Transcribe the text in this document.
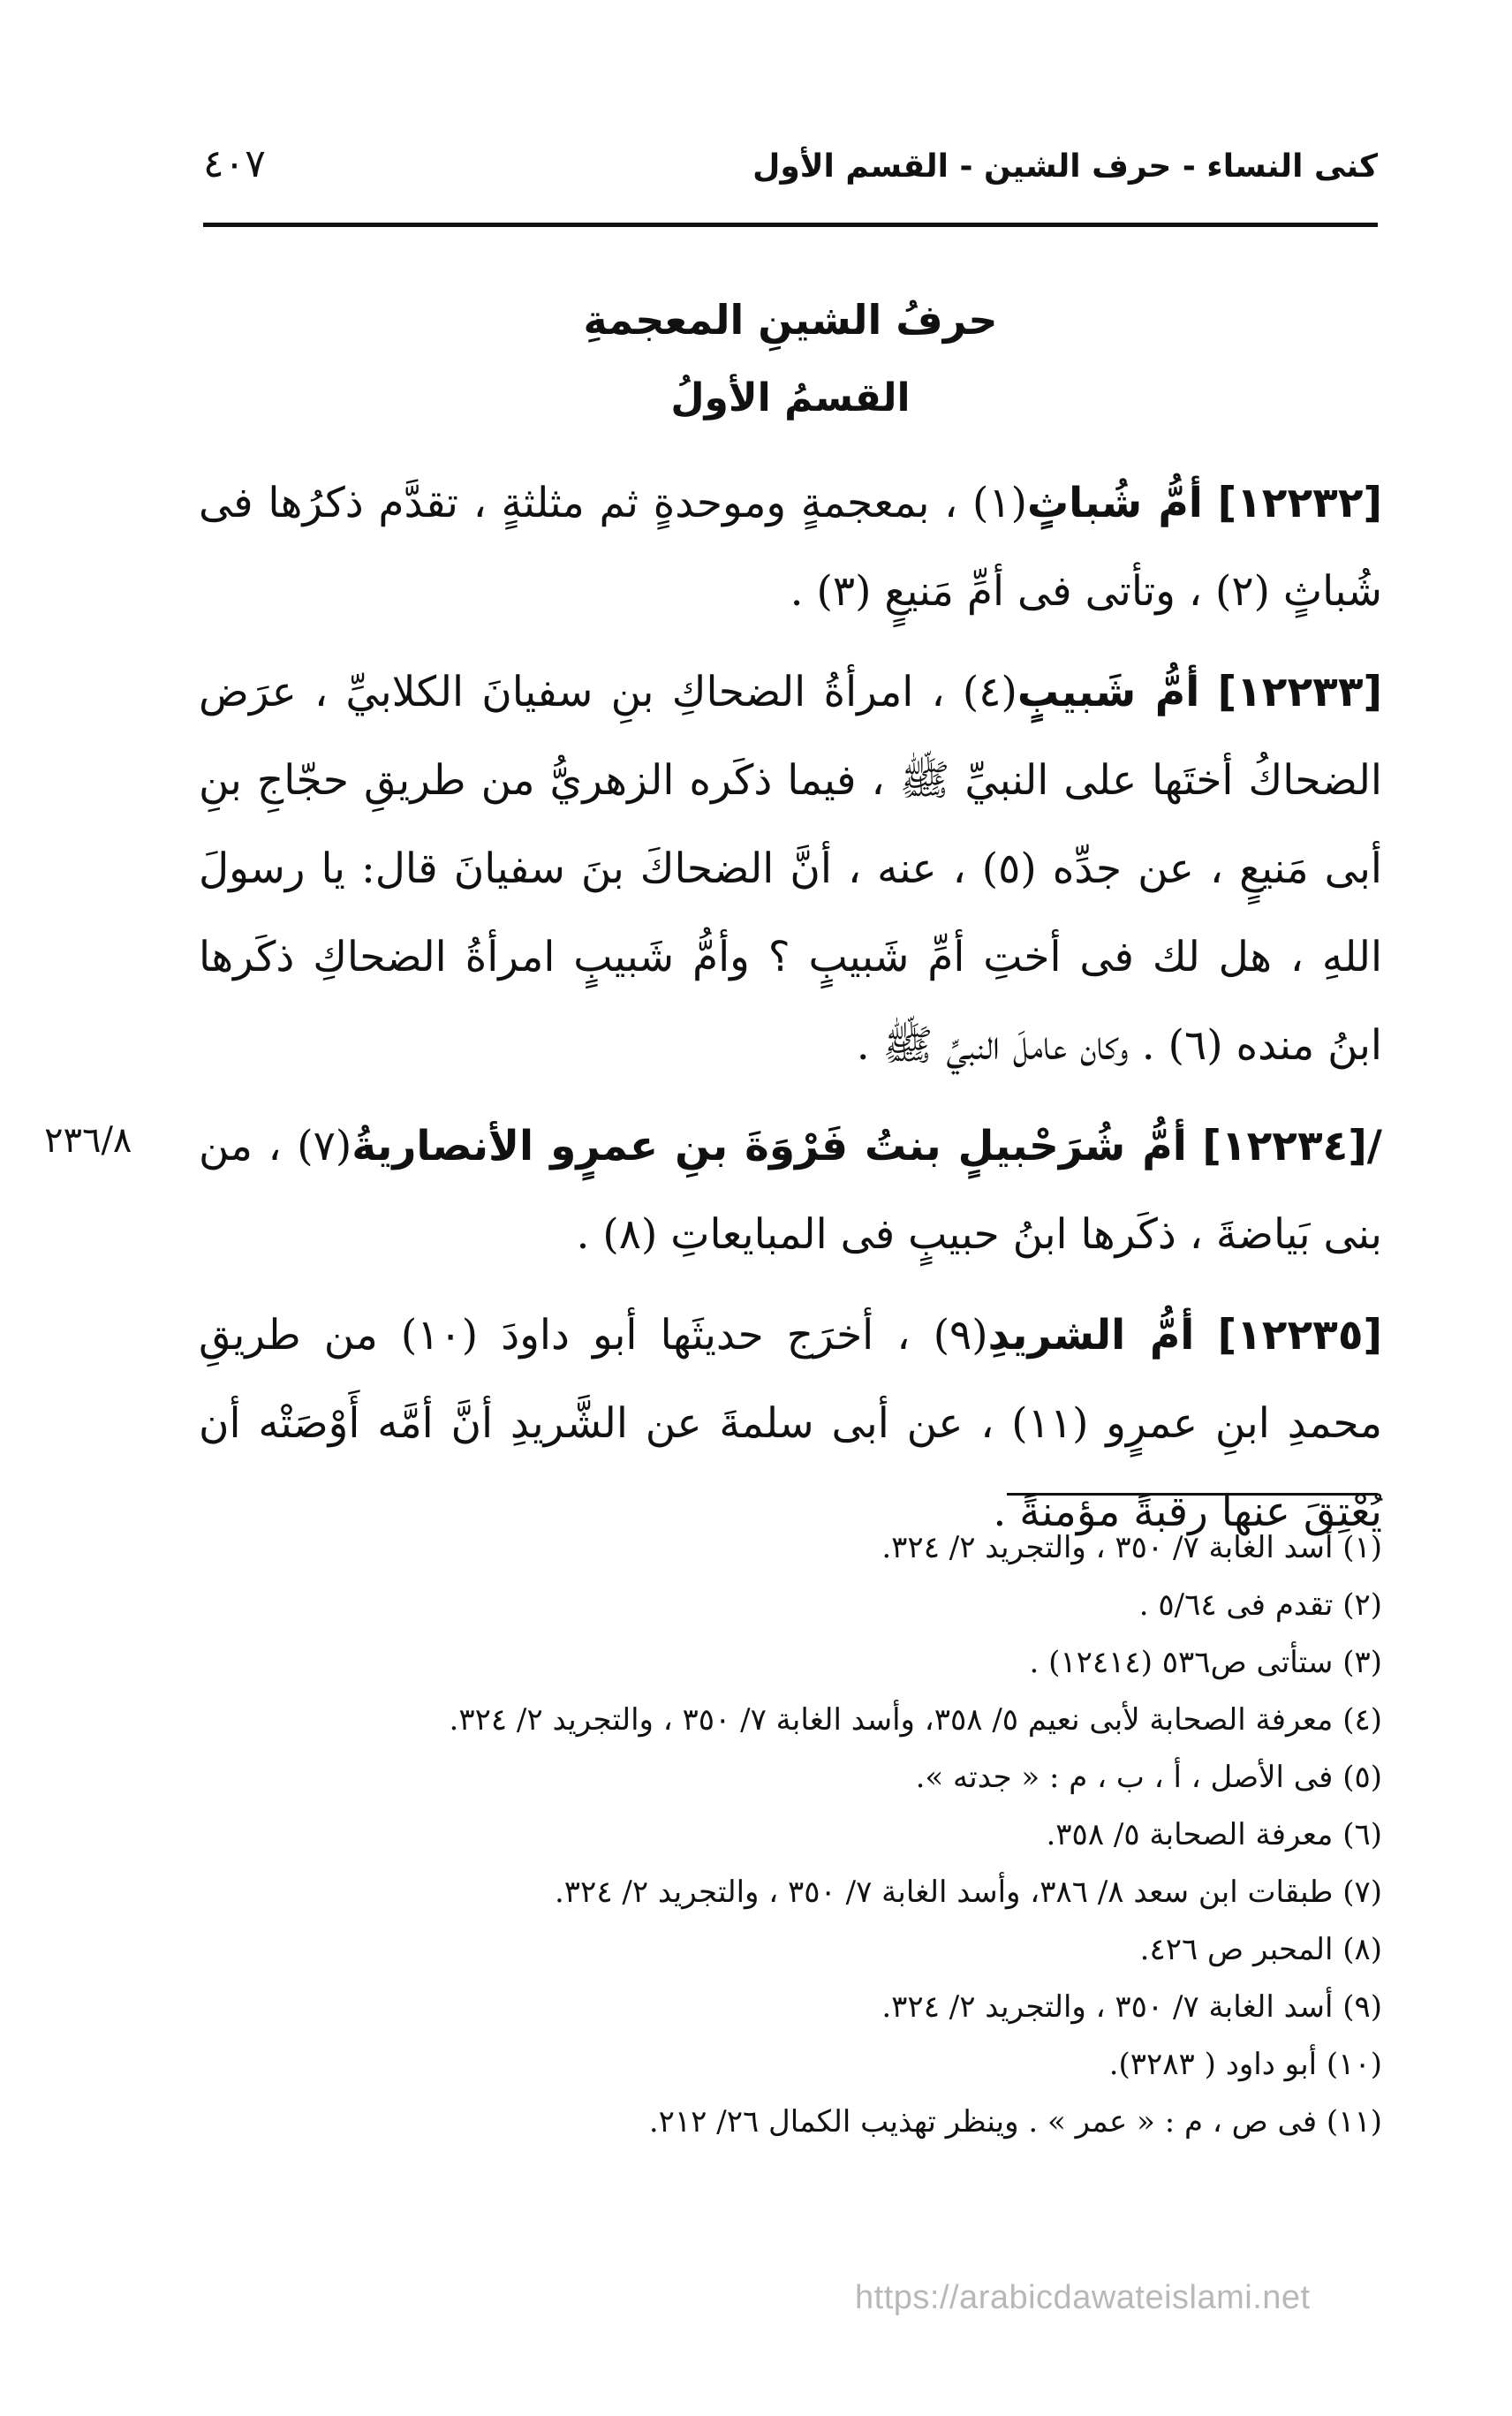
كنى النساء - حرف الشين - القسم الأول
٤٠٧
حرفُ الشينِ المعجمةِ
القسمُ الأولُ

[١٢٢٣٢] أمُّ شُباثٍ(١) ، بمعجمةٍ وموحدةٍ ثم مثلثةٍ ، تقدَّم ذكرُها فى شُباثٍ (٢) ، وتأتى فى أمِّ مَنيعٍ (٣) .

[١٢٢٣٣] أمُّ شَبيبٍ(٤) ، امرأةُ الضحاكِ بنِ سفيانَ الكلابيِّ ، عرَض الضحاكُ أختَها على النبيِّ ﷺ ، فيما ذكَره الزهريُّ من طريقِ حجّاجِ بنِ أبى مَنيعٍ ، عن جدِّه (٥) ، عنه ، أنَّ الضحاكَ بنَ سفيانَ قال: يا رسولَ اللهِ ، هل لك فى أختِ أمِّ شَبيبٍ ؟ وأمُّ شَبيبٍ امرأةُ الضحاكِ ذكَرها ابنُ منده (٦) . وكان عاملَ النبيِّ ﷺ .

/[١٢٢٣٤] أمُّ شُرَحْبيلٍ بنتُ فَرْوَةَ بنِ عمرٍو الأنصاريةُ(٧) ، من بنى بَياضةَ ، ذكَرها ابنُ حبيبٍ فى المبايعاتِ (٨) .

[١٢٢٣٥] أمُّ الشريدِ(٩) ، أخرَج حديثَها أبو داودَ (١٠) من طريقِ محمدِ ابنِ عمرٍو (١١) ، عن أبى سلمةَ عن الشَّريدِ أنَّ أمَّه أَوْصَتْه أن يُعْتِقَ عنها رقبةً مؤمنةً .

٢٣٦/٨
(١) أسد الغابة ٧/ ٣٥٠ ، والتجريد ٢/ ٣٢٤.
(٢) تقدم فى ٥/٦٤ .
(٣) ستأتى ص٥٣٦ (١٢٤١٤) .
(٤) معرفة الصحابة لأبى نعيم ٥/ ٣٥٨، وأسد الغابة ٧/ ٣٥٠ ، والتجريد ٢/ ٣٢٤.
(٥) فى الأصل ، أ ، ب ، م : « جدته ».
(٦) معرفة الصحابة ٥/ ٣٥٨.
(٧) طبقات ابن سعد ٨/ ٣٨٦، وأسد الغابة ٧/ ٣٥٠ ، والتجريد ٢/ ٣٢٤.
(٨) المحبر ص ٤٢٦.
(٩) أسد الغابة ٧/ ٣٥٠ ، والتجريد ٢/ ٣٢٤.
(١٠) أبو داود ( ٣٢٨٣).
(١١) فى ص ، م : « عمر » . وينظر تهذيب الكمال ٢٦/ ٢١٢.
https://arabicdawateislami.net
